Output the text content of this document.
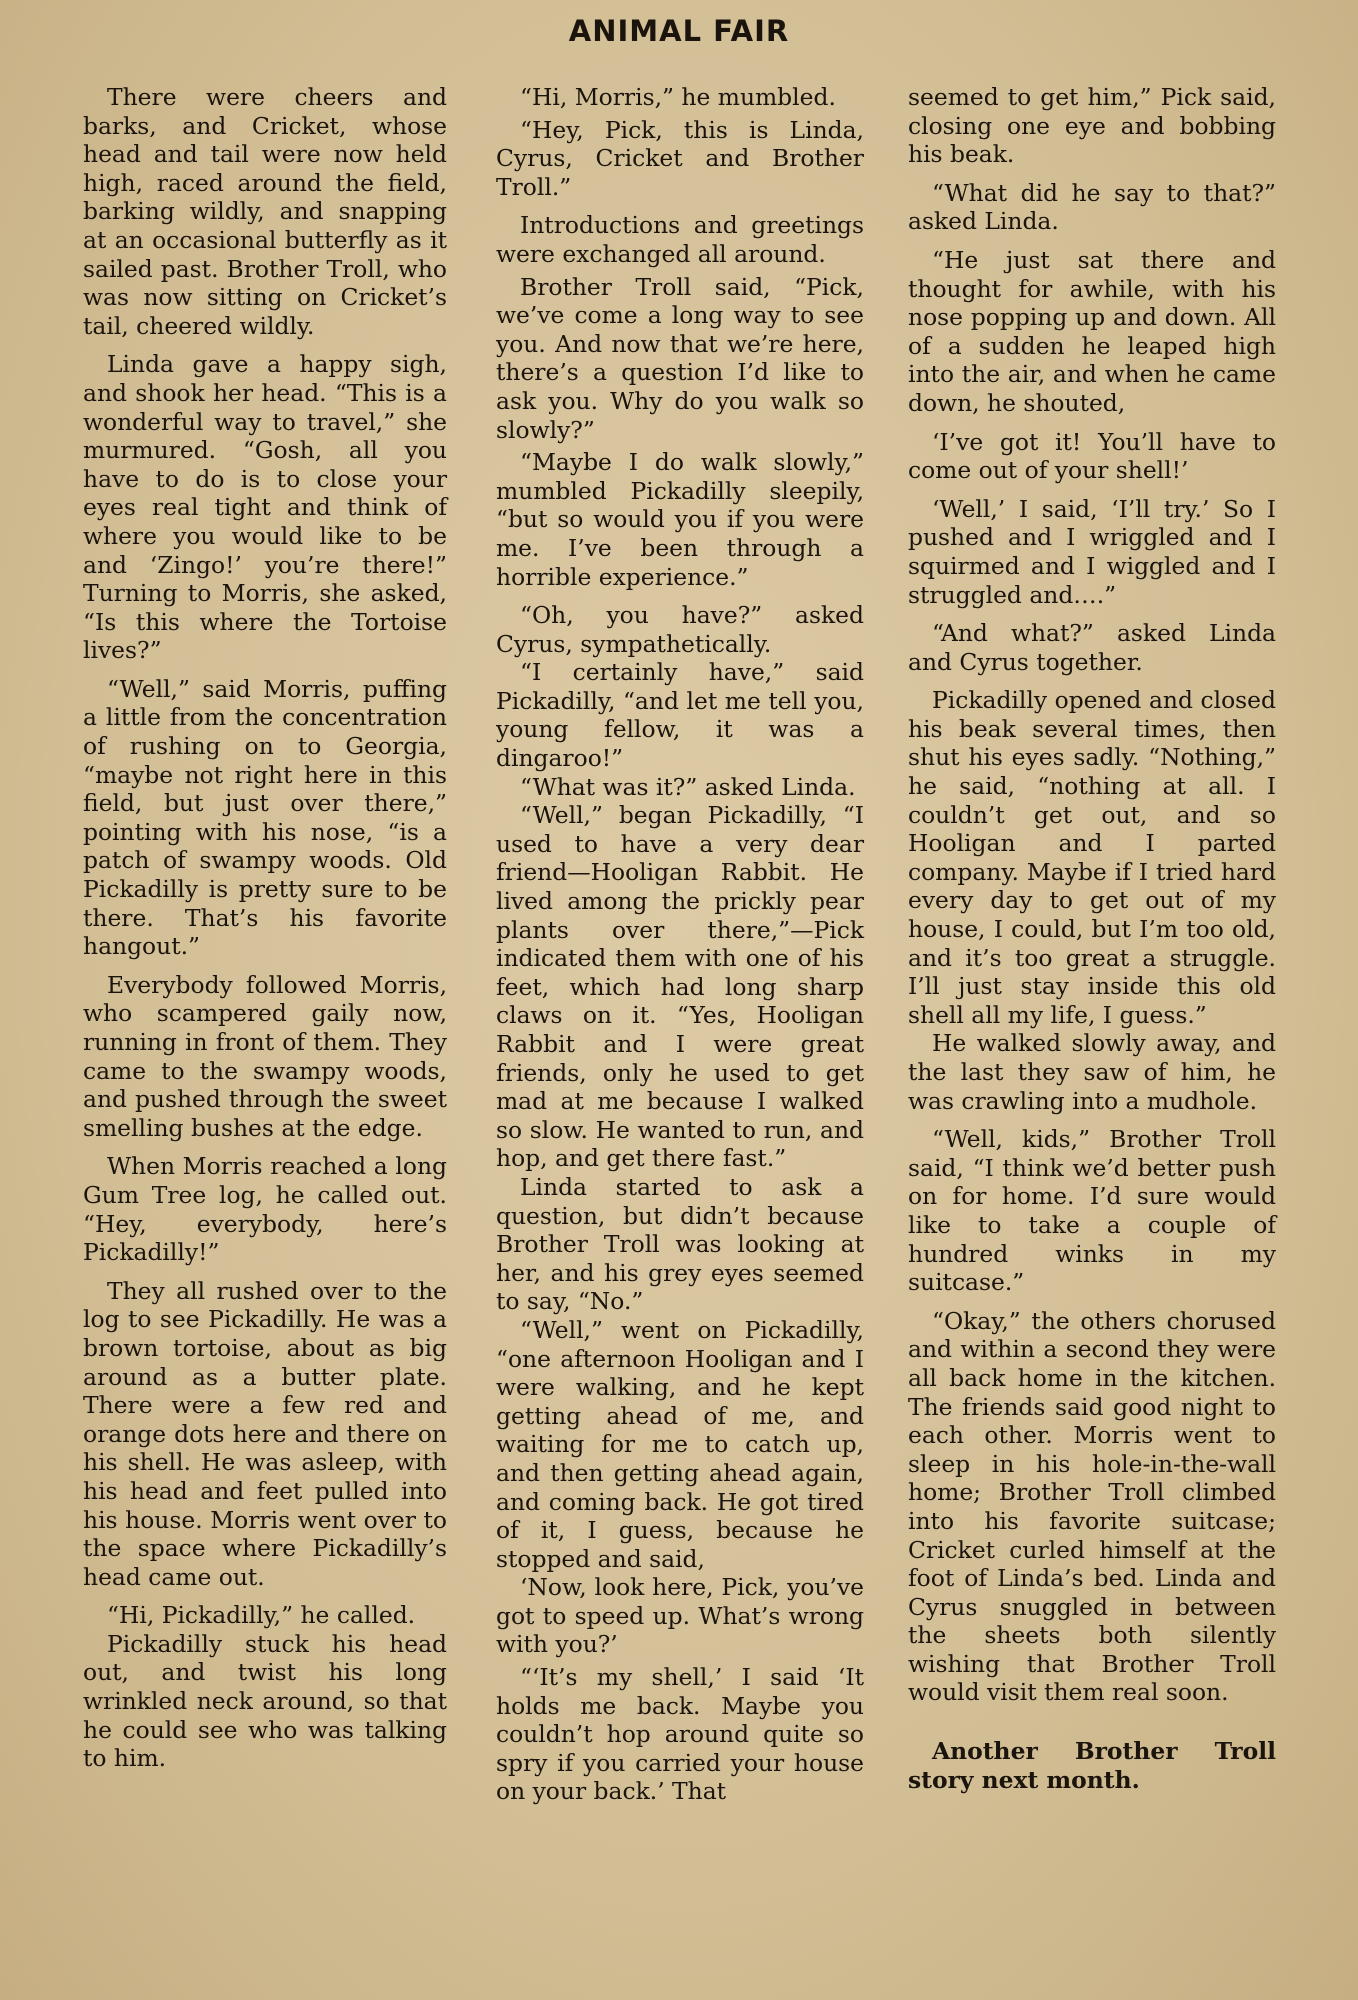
ANIMAL FAIR

There were cheers and barks, and Cricket, whose head and tail were now held high, raced around the field, barking wildly, and snapping at an occasional butterfly as it sailed past. Brother Troll, who was now sitting on Cricket’s tail, cheered wildly.

Linda gave a happy sigh, and shook her head. “This is a wonderful way to travel,” she murmured. “Gosh, all you have to do is to close your eyes real tight and think of where you would like to be and ‘Zingo!’ you’re there!” Turning to Morris, she asked, “Is this where the Tortoise lives?”

“Well,” said Morris, puffing a little from the concentration of rushing on to Georgia, “maybe not right here in this field, but just over there,” pointing with his nose, “is a patch of swampy woods. Old Pickadilly is pretty sure to be there. That’s his favorite hangout.”

Everybody followed Morris, who scampered gaily now, running in front of them. They came to the swampy woods, and pushed through the sweet smelling bushes at the edge.

When Morris reached a long Gum Tree log, he called out. “Hey, everybody, here’s Pickadilly!”

They all rushed over to the log to see Pickadilly. He was a brown tortoise, about as big around as a butter plate. There were a few red and orange dots here and there on his shell. He was asleep, with his head and feet pulled into his house. Morris went over to the space where Pickadilly’s head came out.

“Hi, Pickadilly,” he called.

Pickadilly stuck his head out, and twist his long wrinkled neck around, so that he could see who was talking to him.

“Hi, Morris,” he mumbled.

“Hey, Pick, this is Linda, Cyrus, Cricket and Brother Troll.”

Introductions and greetings were exchanged all around.

Brother Troll said, “Pick, we’ve come a long way to see you. And now that we’re here, there’s a question I’d like to ask you. Why do you walk so slowly?”

“Maybe I do walk slowly,” mumbled Pickadilly sleepily, “but so would you if you were me. I’ve been through a horrible experience.”

“Oh, you have?” asked Cyrus, sympathetically.

“I certainly have,” said Pickadilly, “and let me tell you, young fellow, it was a dingaroo!”

“What was it?” asked Linda.

“Well,” began Pickadilly, “I used to have a very dear friend—Hooligan Rabbit. He lived among the prickly pear plants over there,”—Pick indicated them with one of his feet, which had long sharp claws on it. “Yes, Hooligan Rabbit and I were great friends, only he used to get mad at me because I walked so slow. He wanted to run, and hop, and get there fast.”

Linda started to ask a question, but didn’t because Brother Troll was looking at her, and his grey eyes seemed to say, “No.”

“Well,” went on Pickadilly, “one afternoon Hooligan and I were walking, and he kept getting ahead of me, and waiting for me to catch up, and then getting ahead again, and coming back. He got tired of it, I guess, because he stopped and said,

‘Now, look here, Pick, you’ve got to speed up. What’s wrong with you?’

“‘It’s my shell,’ I said ‘It holds me back. Maybe you couldn’t hop around quite so spry if you carried your house on your back.’ That

seemed to get him,” Pick said, closing one eye and bobbing his beak.

“What did he say to that?” asked Linda.

“He just sat there and thought for awhile, with his nose popping up and down. All of a sudden he leaped high into the air, and when he came down, he shouted,

‘I’ve got it! You’ll have to come out of your shell!’

‘Well,’ I said, ‘I’ll try.’ So I pushed and I wriggled and I squirmed and I wiggled and I struggled and….”

“And what?” asked Linda and Cyrus together.

Pickadilly opened and closed his beak several times, then shut his eyes sadly. “Nothing,” he said, “nothing at all. I couldn’t get out, and so Hooligan and I parted company. Maybe if I tried hard every day to get out of my house, I could, but I’m too old, and it’s too great a struggle. I’ll just stay inside this old shell all my life, I guess.”

He walked slowly away, and the last they saw of him, he was crawling into a mudhole.

“Well, kids,” Brother Troll said, “I think we’d better push on for home. I’d sure would like to take a couple of hundred winks in my suitcase.”

“Okay,” the others chorused and within a second they were all back home in the kitchen. The friends said good night to each other. Morris went to sleep in his hole-in-the-wall home; Brother Troll climbed into his favorite suitcase; Cricket curled himself at the foot of Linda’s bed. Linda and Cyrus snuggled in between the sheets both silently wishing that Brother Troll would visit them real soon.

Another Brother Troll story next month.
